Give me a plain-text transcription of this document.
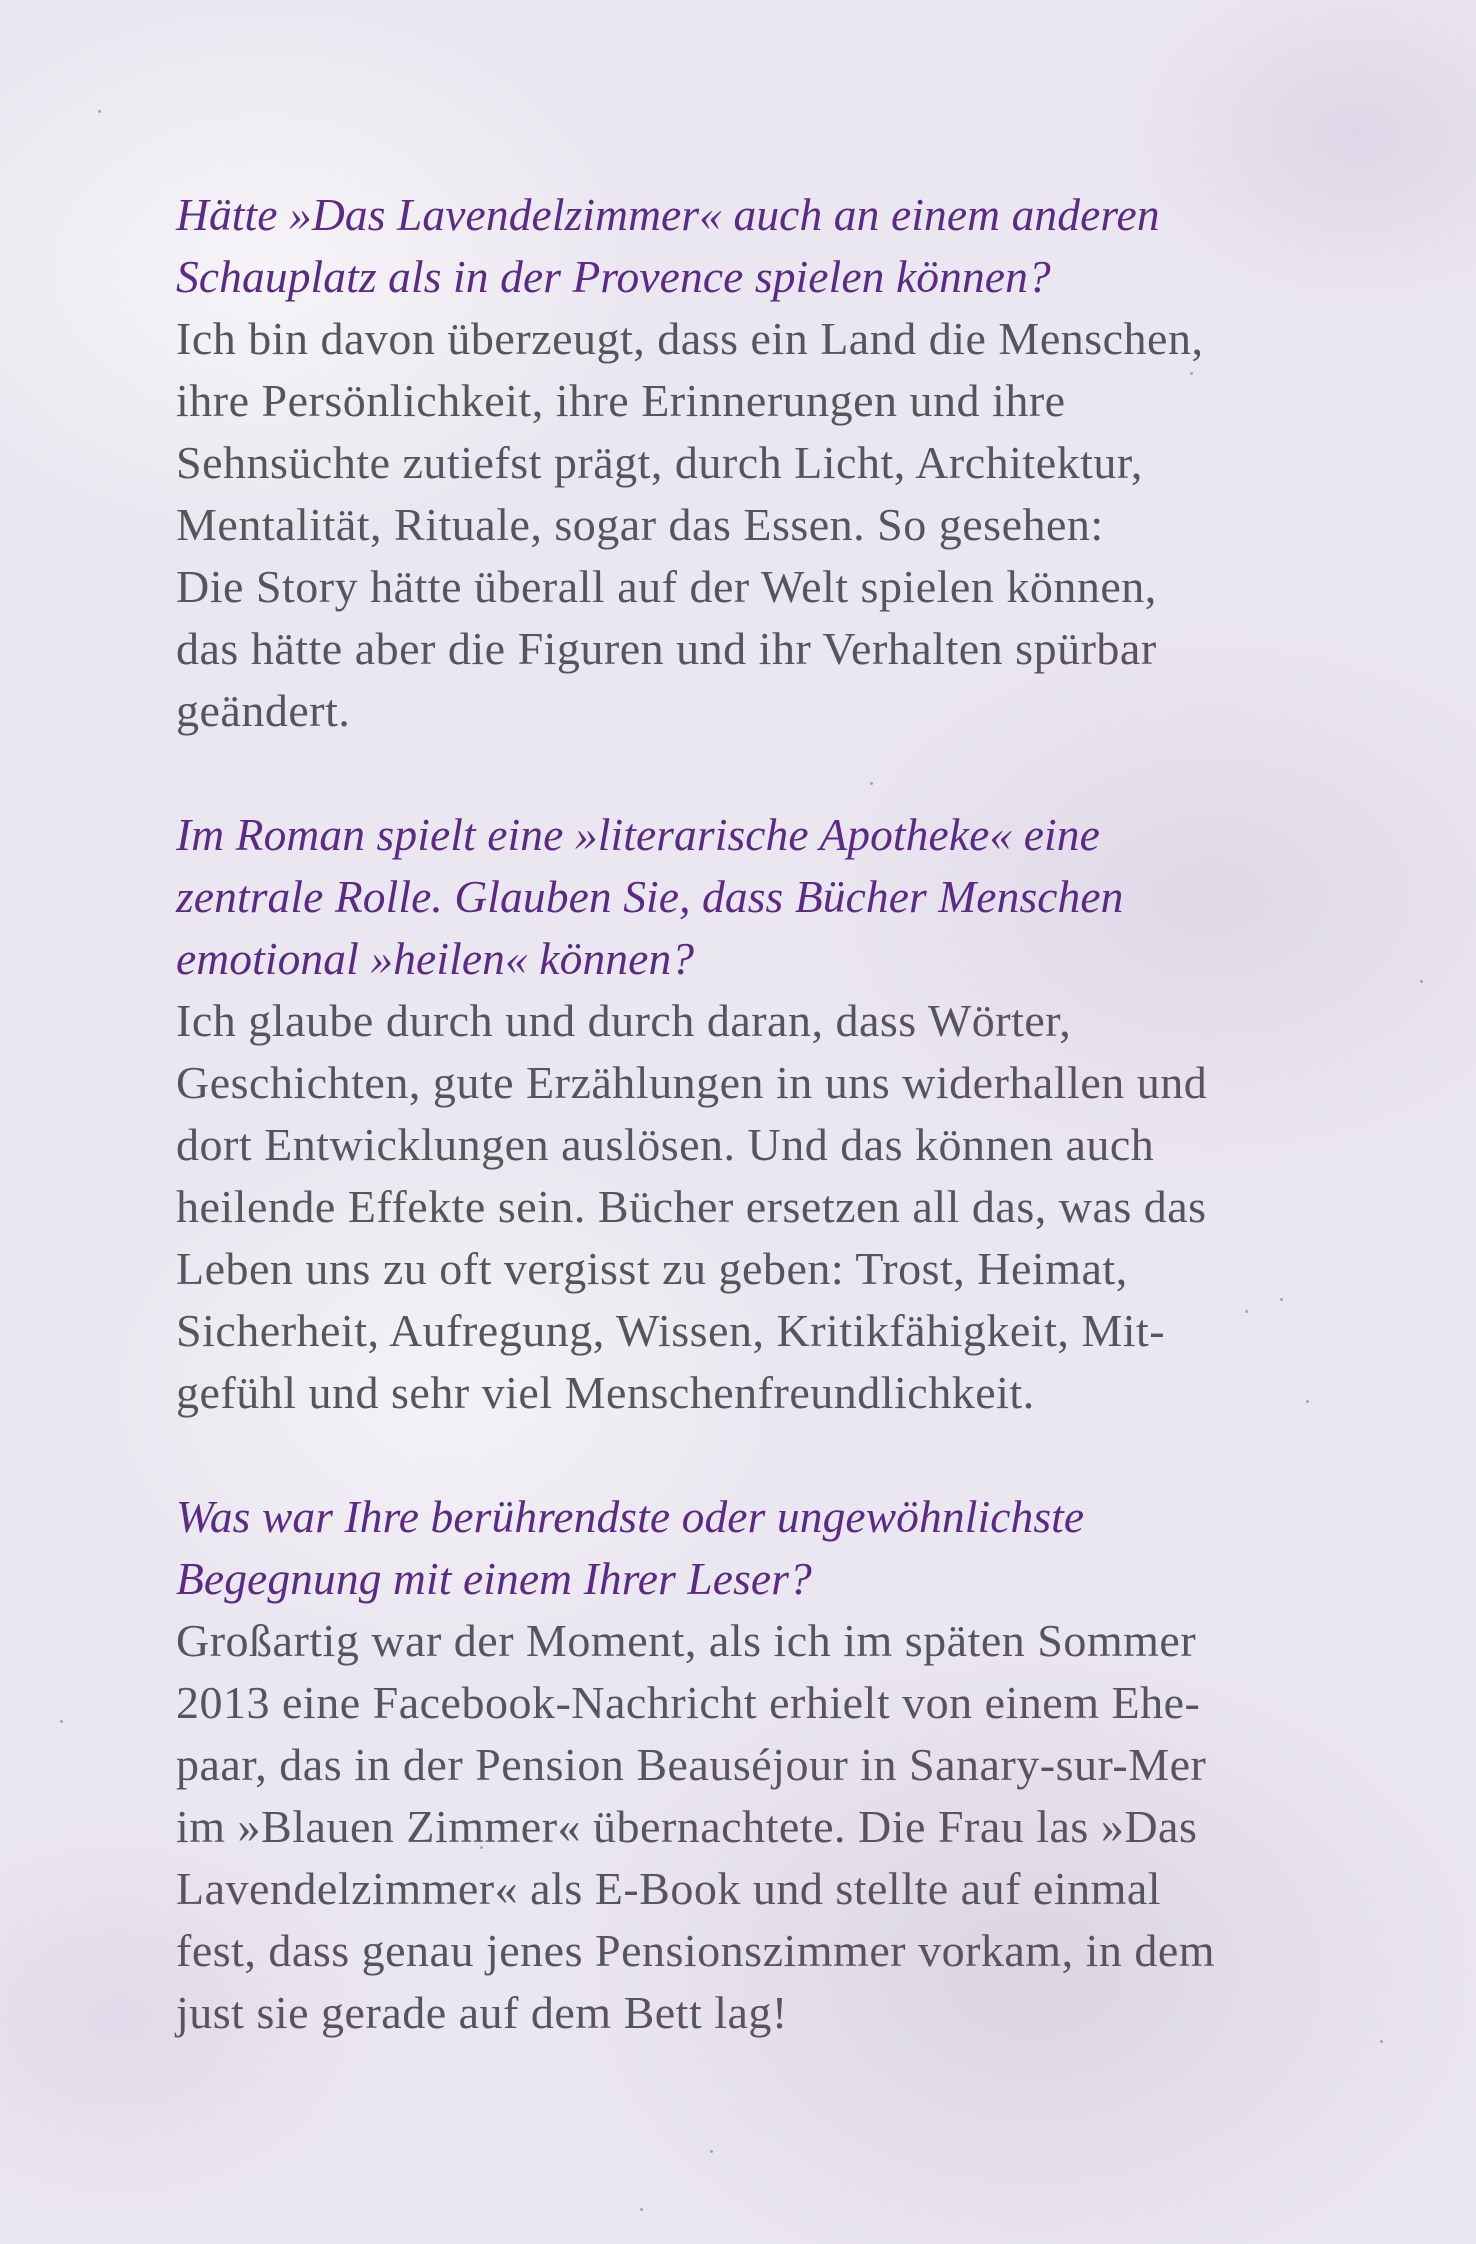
Hätte »Das Lavendelzimmer« auch an einem anderen
Schauplatz als in der Provence spielen können?

Ich bin davon überzeugt, dass ein Land die Menschen,
ihre Persönlichkeit, ihre Erinnerungen und ihre
Sehnsüchte zutiefst prägt, durch Licht, Architektur,
Mentalität, Rituale, sogar das Essen. So gesehen:
Die Story hätte überall auf der Welt spielen können,
das hätte aber die Figuren und ihr Verhalten spürbar
geändert.

Im Roman spielt eine »literarische Apotheke« eine
zentrale Rolle. Glauben Sie, dass Bücher Menschen
emotional »heilen« können?

Ich glaube durch und durch daran, dass Wörter,
Geschichten, gute Erzählungen in uns widerhallen und
dort Entwicklungen auslösen. Und das können auch
heilende Effekte sein. Bücher ersetzen all das, was das
Leben uns zu oft vergisst zu geben: Trost, Heimat,
Sicherheit, Aufregung, Wissen, Kritikfähigkeit, Mit-
gefühl und sehr viel Menschenfreundlichkeit.

Was war Ihre berührendste oder ungewöhnlichste
Begegnung mit einem Ihrer Leser?

Großartig war der Moment, als ich im späten Sommer
2013 eine Facebook-Nachricht erhielt von einem Ehe-
paar, das in der Pension Beauséjour in Sanary-sur-Mer
im »Blauen Zimmer« übernachtete. Die Frau las »Das
Lavendelzimmer« als E-Book und stellte auf einmal
fest, dass genau jenes Pensionszimmer vorkam, in dem
just sie gerade auf dem Bett lag!
